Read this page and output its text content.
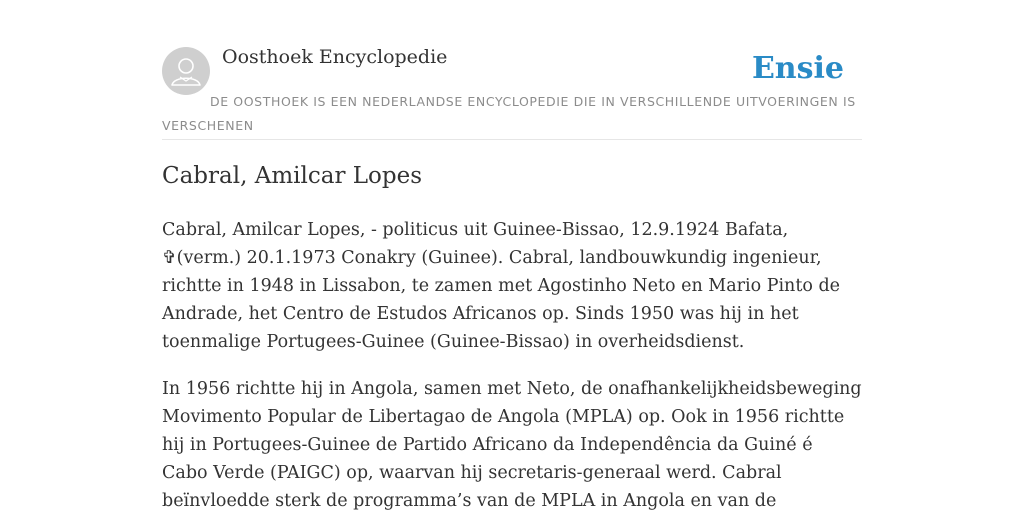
Oosthoek Encyclopedie	Ensie
DE OOSTHOEK IS EEN NEDERLANDSE ENCYCLOPEDIE DIE IN VERSCHILLENDE UITVOERINGEN IS VERSCHENEN
Cabral, Amilcar Lopes

Cabral, Amilcar Lopes, - politicus uit Guinee-Bissao, 12.9.1924 Bafata, ✞(verm.) 20.1.1973 Conakry (Guinee). Cabral, landbouwkundig ingenieur, richtte in 1948 in Lissabon, te zamen met Agostinho Neto en Mario Pinto de Andrade, het Centro de Estudos Africanos op. Sinds 1950 was hij in het toenmalige Portugees-Guinee (Guinee-Bissao) in overheidsdienst.

In 1956 richtte hij in Angola, samen met Neto, de onafhankelijkheidsbeweging Movimento Popular de Libertagao de Angola (MPLA) op. Ook in 1956 richtte hij in Portugees-Guinee de Partido Africano da Independência da Guiné é Cabo Verde (PAIGC) op, waarvan hij secretaris-generaal werd. Cabral beïnvloedde sterk de programma’s van de MPLA in Angola en van de
